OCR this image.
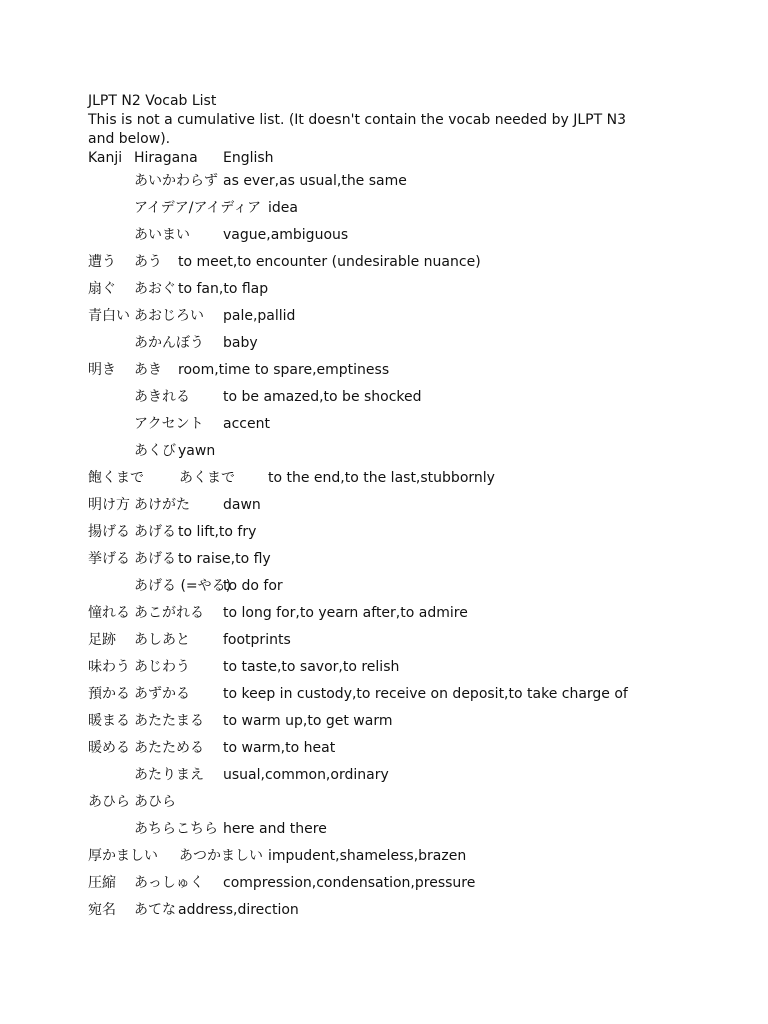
JLPT N2 Vocab List
This is not a cumulative list. (It doesn't contain the vocab needed by JLPT N3 and below).
Kanji Hiragana English
あいかわらず as ever,as usual,the same
アイデア/アイディア idea
あいまい vague,ambiguous
遭う あう to meet,to encounter (undesirable nuance)
扇ぐ あおぐ to fan,to flap
青白い あおじろい pale,pallid
あかんぼう baby
明き あき room,time to spare,emptiness
あきれる to be amazed,to be shocked
アクセント accent
あくび yawn
飽くまで	あくまで to the end,to the last,stubbornly
明け方 あけがた dawn
揚げる あげる to lift,to fry
挙げる あげる to raise,to fly
あげる (=やる)
to do for
憧れる あこがれる to long for,to yearn after,to admire
足跡 あしあと footprints
味わう あじわう to taste,to savor,to relish
預かる あずかる to keep in custody,to receive on deposit,to take charge of
暖まる あたたまる to warm up,to get warm
暖める あたためる to warm,to heat
あたりまえ usual,common,ordinary
あひら あひら
あちらこちら here and there
厚かましい あつかましい impudent,shameless,brazen
圧縮 あっしゅく compression,condensation,pressure
宛名 あてな address,direction
